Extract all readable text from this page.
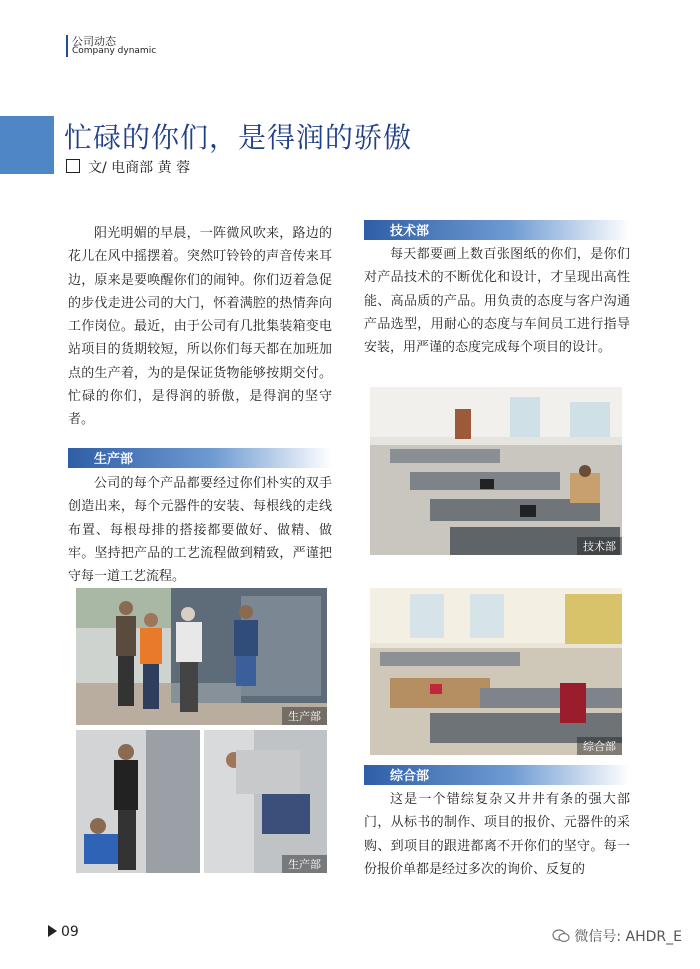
公司动态
Company dynamic
忙碌的你们，是得润的骄傲
文/ 电商部 黄 蓉
阳光明媚的早晨，一阵微风吹来，路边的花儿在风中摇摆着。突然叮铃铃的声音传来耳边，原来是要唤醒你们的闹钟。你们迈着急促的步伐走进公司的大门，怀着满腔的热情奔向工作岗位。最近，由于公司有几批集装箱变电站项目的货期较短，所以你们每天都在加班加点的生产着，为的是保证货物能够按期交付。忙碌的你们，是得润的骄傲，是得润的坚守者。
生产部
公司的每个产品都要经过你们朴实的双手创造出来，每个元器件的安装、每根线的走线布置、每根母排的搭接都要做好、做精、做牢。坚持把产品的工艺流程做到精致，严谨把守每一道工艺流程。
生产部
生产部
技术部
每天都要画上数百张图纸的你们，是你们对产品技术的不断优化和设计，才呈现出高性能、高品质的产品。用负责的态度与客户沟通产品选型，用耐心的态度与车间员工进行指导安装，用严谨的态度完成每个项目的设计。
技术部
综合部
综合部
这是一个错综复杂又井井有条的强大部门，从标书的制作、项目的报价、元器件的采购、到项目的跟进都离不开你们的坚守。每一份报价单都是经过多次的询价、反复的
09	微信号: AHDR_E
